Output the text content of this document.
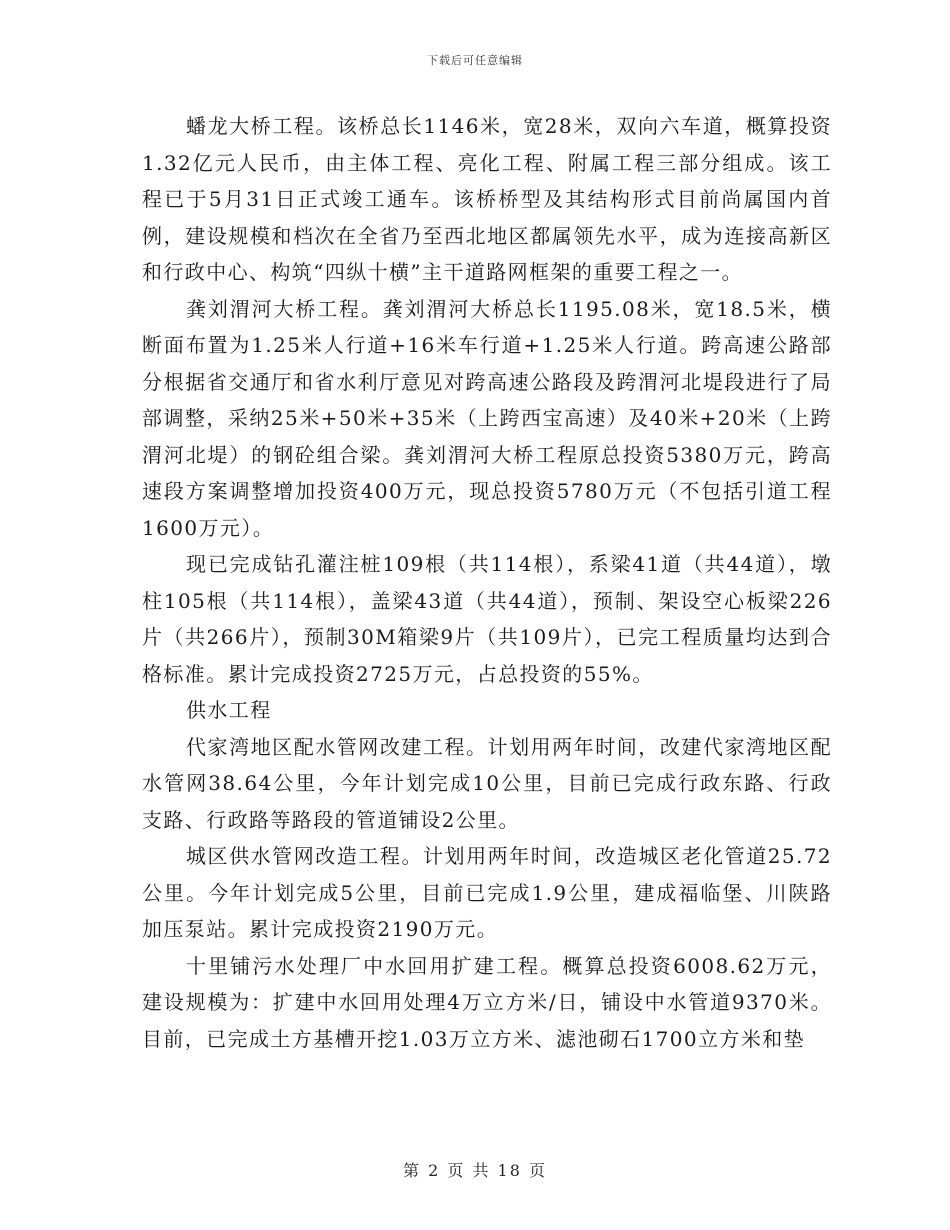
下载后可任意编辑

蟠龙大桥工程。该桥总长1146米，宽28米，双向六车道，概算投资1.32亿元人民币，由主体工程、亮化工程、附属工程三部分组成。该工程已于5月31日正式竣工通车。该桥桥型及其结构形式目前尚属国内首例，建设规模和档次在全省乃至西北地区都属领先水平，成为连接高新区和行政中心、构筑“四纵十横”主干道路网框架的重要工程之一。

龚刘渭河大桥工程。龚刘渭河大桥总长1195.08米，宽18.5米，横断面布置为1.25米人行道+16米车行道+1.25米人行道。跨高速公路部分根据省交通厅和省水利厅意见对跨高速公路段及跨渭河北堤段进行了局部调整，采纳25米+50米+35米（上跨西宝高速）及40米+20米（上跨渭河北堤）的钢砼组合梁。龚刘渭河大桥工程原总投资5380万元，跨高速段方案调整增加投资400万元，现总投资5780万元（不包括引道工程1600万元）。

现已完成钻孔灌注桩109根（共114根），系梁41道（共44道），墩柱105根（共114根），盖梁43道（共44道），预制、架设空心板梁226片（共266片），预制30M箱梁9片（共109片），已完工程质量均达到合格标准。累计完成投资2725万元，占总投资的55%。

供水工程

代家湾地区配水管网改建工程。计划用两年时间，改建代家湾地区配水管网38.64公里，今年计划完成10公里，目前已完成行政东路、行政支路、行政路等路段的管道铺设2公里。

城区供水管网改造工程。计划用两年时间，改造城区老化管道25.72公里。今年计划完成5公里，目前已完成1.9公里，建成福临堡、川陕路加压泵站。累计完成投资2190万元。

十里铺污水处理厂中水回用扩建工程。概算总投资6008.62万元，建设规模为：扩建中水回用处理4万立方米/日，铺设中水管道9370米。目前，已完成土方基槽开挖1.03万立方米、滤池砌石1700立方米和垫

第 2 页 共 18 页
